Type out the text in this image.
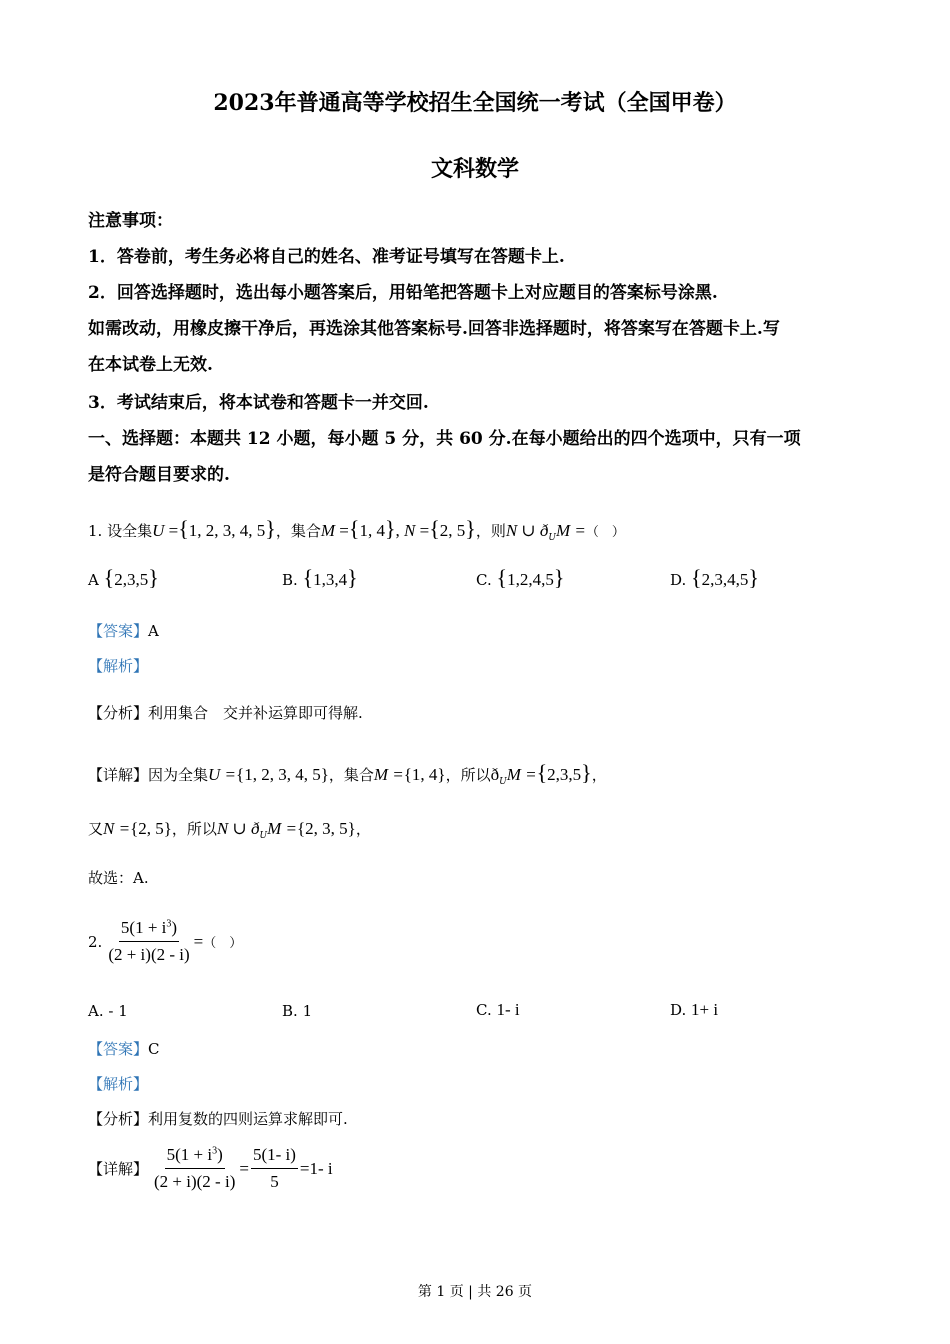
2023年普通高等学校招生全国统一考试（全国甲卷）
文科数学
注意事项：
1．答卷前，考生务必将自己的姓名、准考证号填写在答题卡上.
2．回答选择题时，选出每小题答案后，用铅笔把答题卡上对应题目的答案标号涂黑.
如需改动，用橡皮擦干净后，再选涂其他答案标号.回答非选择题时，将答案写在答题卡上.写
在本试卷上无效.
3．考试结束后，将本试卷和答题卡一并交回.
一、选择题：本题共 12 小题，每小题 5 分，共 60 分.在每小题给出的四个选项中，只有一项
是符合题目要求的.
1. 设全集U ={1, 2, 3, 4, 5}，集合M ={1, 4}, N ={2, 5}，则N ∪ $ð_UM$ =（　）
A {2,3,5}	B. {1,3,4}	C. {1,2,4,5}	D. {2,3,4,5}
【答案】A
【解析】
【分析】利用集合　交并补运算即可得解.
【详解】因为全集U ={1, 2, 3, 4, 5}，集合M ={1, 4}，所以$ð_UM =\{2,3,5\}$，
又N ={2, 5}，所以N ∪ $ð_UM =\{2$, 3, 5}，
故选：A.
2. $\frac{5(1 + i^3)}{(2 + i)(2 - i)}$ = （　）
A. - 1	B. 1	C. 1- i	D. 1+ i
【答案】C
【解析】
【分析】利用复数的四则运算求解即可.
【详解】 $\frac{5(1 + i^3)}{(2 + i)(2 - i)} = \frac{5(1- i)}{5} =1-$ i
第 1 页 | 共 26 页
